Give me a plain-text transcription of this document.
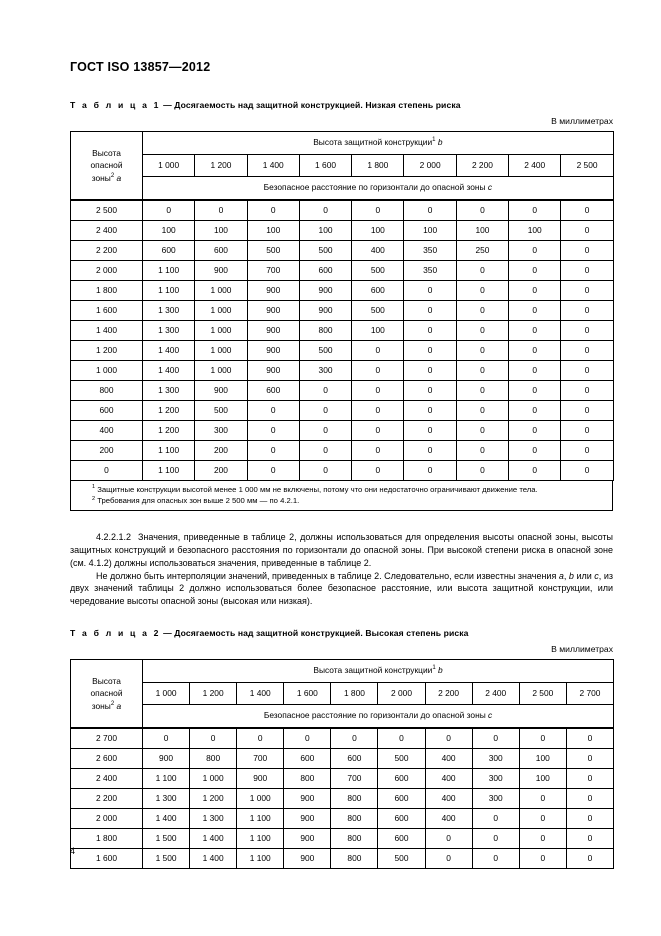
ГОСТ ISO 13857—2012
Т а б л и ц а 1 — Досягаемость над защитной конструкцией. Низкая степень риска
В миллиметрах
Высота
опасной
зоны$^2$ a	Высота защитной конструкции$^1$ b								
	1 000	1 200	1 400	1 600	1 800	2 000	2 200	2 400	2 500
	Безопасное расстояние по горизонтали до опасной зоны c								
2 500	0	0	0	0	0	0	0	0	0
2 400	100	100	100	100	100	100	100	100	0
2 200	600	600	500	500	400	350	250	0	0
2 000	1 100	900	700	600	500	350	0	0	0
1 800	1 100	1 000	900	900	600	0	0	0	0
1 600	1 300	1 000	900	900	500	0	0	0	0
1 400	1 300	1 000	900	800	100	0	0	0	0
1 200	1 400	1 000	900	500	0	0	0	0	0
1 000	1 400	1 000	900	300	0	0	0	0	0
800	1 300	900	600	0	0	0	0	0	0
600	1 200	500	0	0	0	0	0	0	0
400	1 200	300	0	0	0	0	0	0	0
200	1 100	200	0	0	0	0	0	0	0
0	1 100	200	0	0	0	0	0	0	0

$^1$ Защитные конструкции высотой менее 1 000 мм не включены, потому что они недостаточно ограничивают движение тела.

$^2$ Требования для опасных зон выше 2 500 мм — по 4.2.1.

4.2.2.1.2 Значения, приведенные в таблице 2, должны использоваться для определения высоты опасной зоны, высоты защитных конструкций и безопасного расстояния по горизонтали до опасной зоны. При высокой степени риска в опасной зоне (см. 4.1.2) должны использоваться значения, приведенные в таблице 2.

Не должно быть интерполяции значений, приведенных в таблице 2. Следовательно, если известны значения a, b или c, из двух значений таблицы 2 должно использоваться более безопасное расстояние, или высота защитной конструкции, или чередование высоты опасной зоны (высокая или низкая).

Т а б л и ц а 2 — Досягаемость над защитной конструкцией. Высокая степень риска
В миллиметрах
Высота
опасной
зоны$^2$ a	Высота защитной конструкции$^1$ b									
	1 000	1 200	1 400	1 600	1 800	2 000	2 200	2 400	2 500	2 700
	Безопасное расстояние по горизонтали до опасной зоны c									
2 700	0	0	0	0	0	0	0	0	0	0
2 600	900	800	700	600	600	500	400	300	100	0
2 400	1 100	1 000	900	800	700	600	400	300	100	0
2 200	1 300	1 200	1 000	900	800	600	400	300	0	0
2 000	1 400	1 300	1 100	900	800	600	400	0	0	0
1 800	1 500	1 400	1 100	900	800	600	0	0	0	0
1 600	1 500	1 400	1 100	900	800	500	0	0	0	0
4
